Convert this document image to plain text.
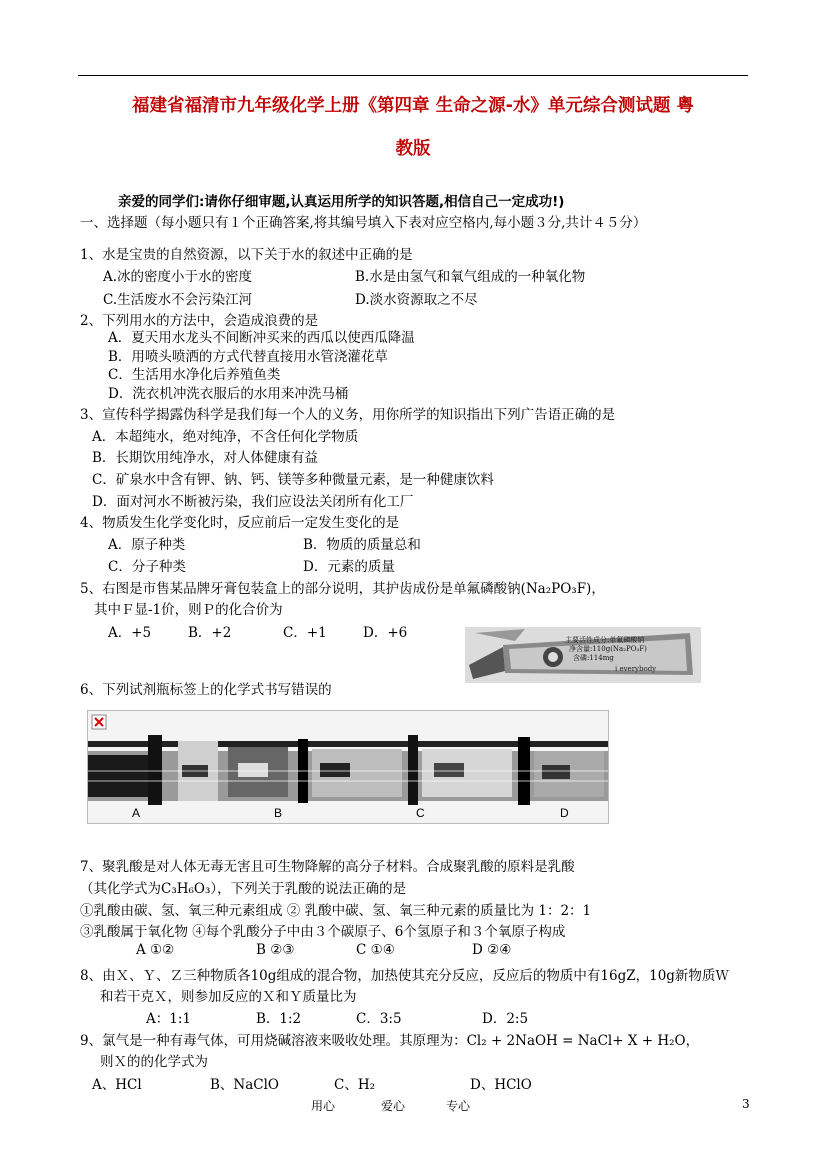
福建省福清市九年级化学上册《第四章 生命之源-水》单元综合测试题 粤
教版
亲爱的同学们:请你仔细审题,认真运用所学的知识答题,相信自己一定成功!)
一、选择题（每小题只有１个正确答案,将其编号填入下表对应空格内,每小题３分,共计４５分）
1、水是宝贵的自然资源，以下关于水的叙述中正确的是
A.冰的密度小于水的密度	B.水是由氢气和氧气组成的一种氧化物
C.生活废水不会污染江河	D.淡水资源取之不尽
2、下列用水的方法中，会造成浪费的是
A．夏天用水龙头不间断冲买来的西瓜以使西瓜降温
B．用喷头喷洒的方式代替直接用水管浇灌花草
C．生活用水净化后养殖鱼类
D．洗衣机冲洗衣服后的水用来冲洗马桶
3、宣传科学揭露伪科学是我们每一个人的义务，用你所学的知识指出下列广告语正确的是
A．本超纯水，绝对纯净，不含任何化学物质
B．长期饮用纯净水，对人体健康有益
C．矿泉水中含有钾、钠、钙、镁等多种微量元素，是一种健康饮料
D．面对河水不断被污染，我们应设法关闭所有化工厂
4、物质发生化学变化时，反应前后一定发生变化的是
A．原子种类	B．物质的质量总和
C．分子种类	D．元素的质量
5、右图是市售某品牌牙膏包装盒上的部分说明，其护齿成份是单氟磷酸钠(Na₂PO₃F)，
其中Ｆ显-1价，则Ｐ的化合价为
A．+5	B．+2	C．+1	D．+6	主要活性成分:单氟磷酸钠
净含量:110g(Na₂PO₃F)
含磷:114mg
i everybody
6、下列试剂瓶标签上的化学式书写错误的
A	B	C	D
7、聚乳酸是对人体无毒无害且可生物降解的高分子材料。合成聚乳酸的原料是乳酸
（其化学式为C₃H₆O₃），下列关于乳酸的说法正确的是
①乳酸由碳、氢、氧三种元素组成 ② 乳酸中碳、氢、氧三种元素的质量比为 1：2：1
③乳酸属于氧化物 ④每个乳酸分子中由３个碳原子、6个氢原子和３个氧原子构成
A ①②	B ②③	C ①④	D ②④
8、由Ｘ、Ｙ、Ｚ三种物质各10g组成的混合物，加热使其充分反应，反应后的物质中有16gZ，10g新物质Ｗ
和若干克Ｘ，则参加反应的Ｘ和Ｙ质量比为
A：1:1	B．1:2	C．3:5	D．2:5
9、氯气是一种有毒气体，可用烧碱溶液来吸收处理。其原理为：Cl₂ + 2NaOH = NaCl+ X + H₂O，
则Ｘ的的化学式为
A、HCl	B、NaClO	C、H₂	D、HClO
用心	爱心	专心	3
